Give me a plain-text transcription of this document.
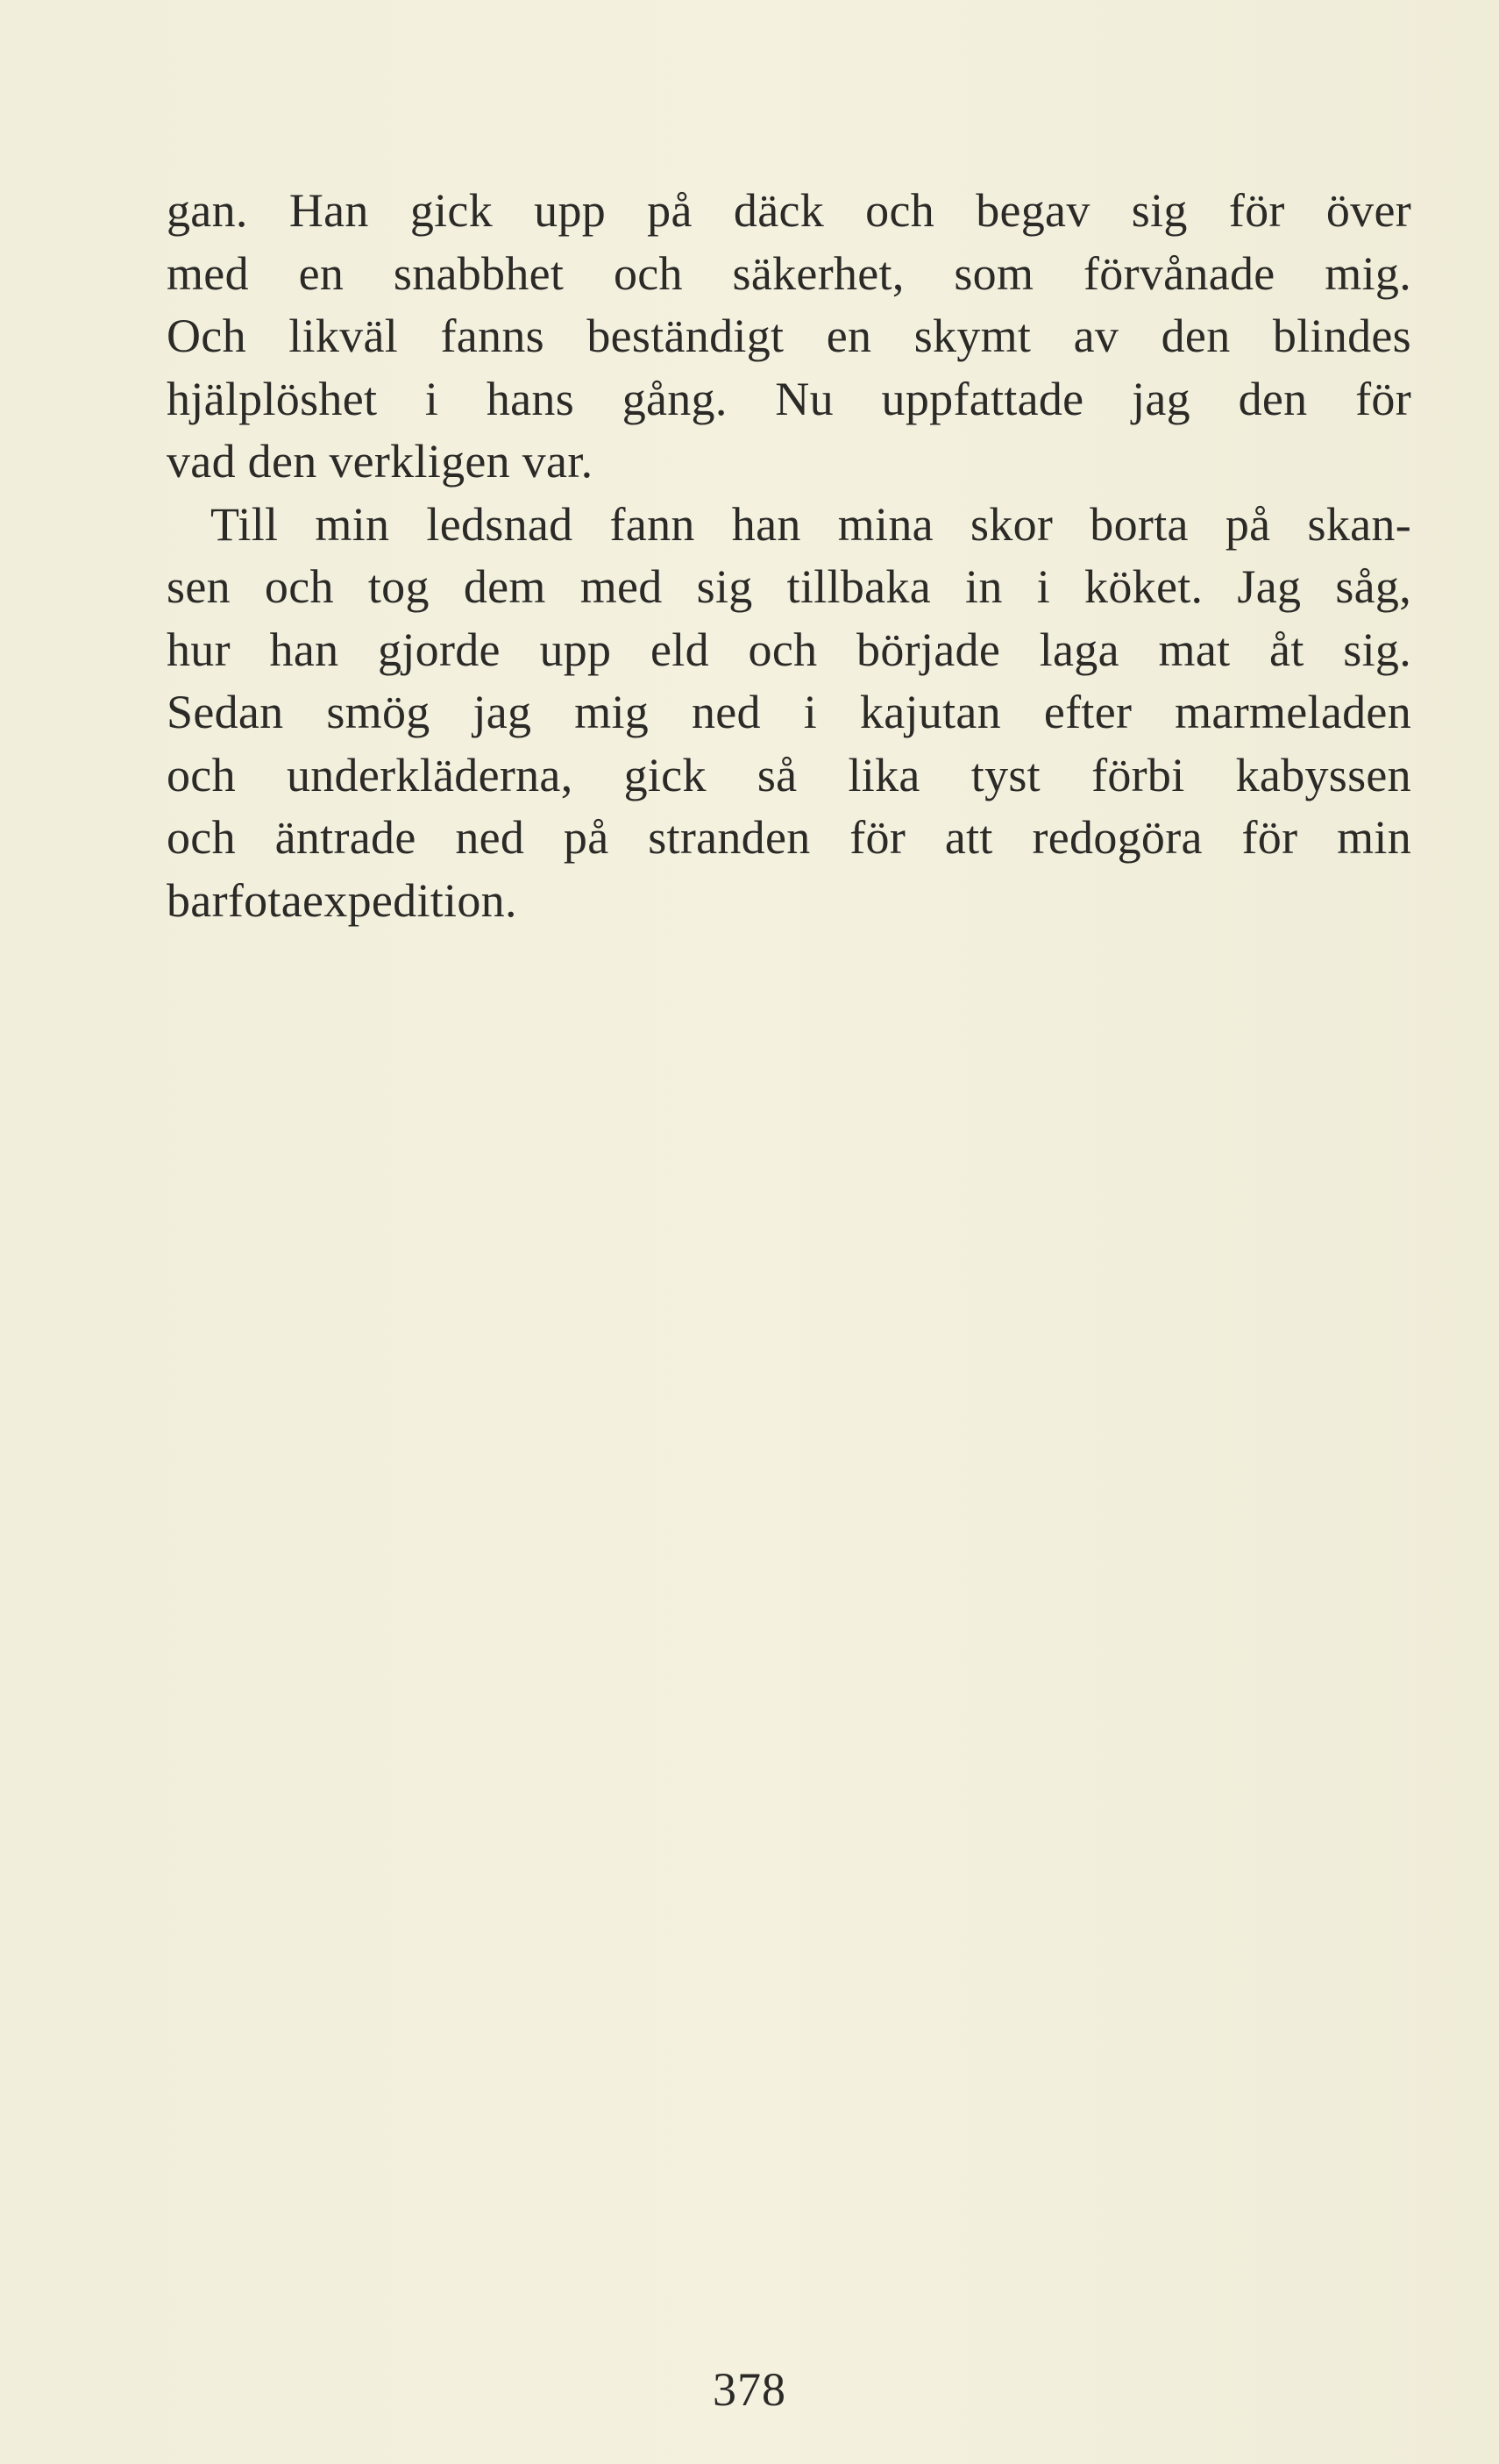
gan. Han gick upp på däck och begav sig för över
med en snabbhet och säkerhet, som förvånade mig.
Och likväl fanns beständigt en skymt av den blindes
hjälplöshet i hans gång. Nu uppfattade jag den för
vad den verkligen var.
Till min ledsnad fann han mina skor borta på skan-
sen och tog dem med sig tillbaka in i köket. Jag såg,
hur han gjorde upp eld och började laga mat åt sig.
Sedan smög jag mig ned i kajutan efter marmeladen
och underkläderna, gick så lika tyst förbi kabyssen
och äntrade ned på stranden för att redogöra för min
barfotaexpedition.
378
